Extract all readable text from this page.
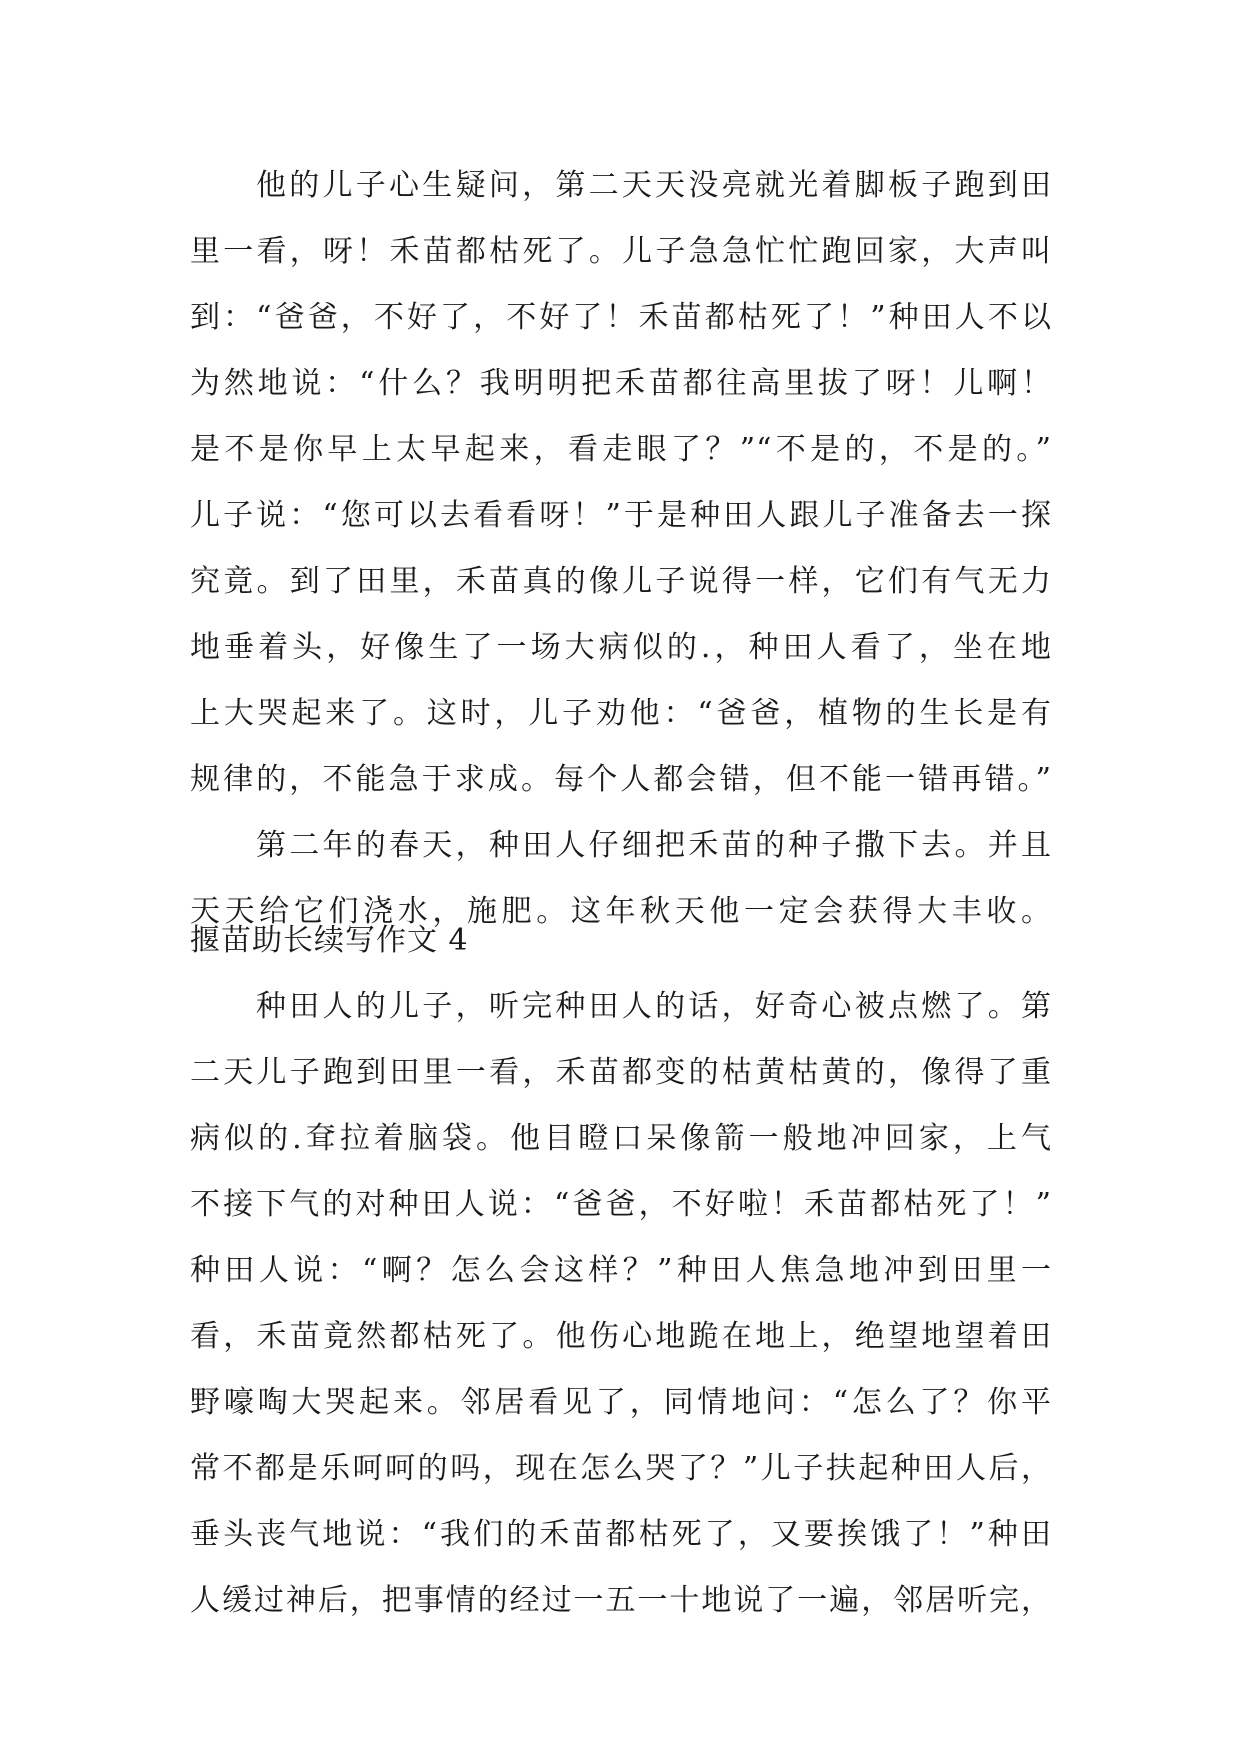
他的儿子心生疑问，第二天天没亮就光着脚板子跑到田
里一看，呀！禾苗都枯死了。儿子急急忙忙跑回家，大声叫
到：“爸爸，不好了，不好了！禾苗都枯死了！”种田人不以
为然地说：“什么？我明明把禾苗都往高里拔了呀！儿啊！
是不是你早上太早起来，看走眼了？”“不是的，不是的。”
儿子说：“您可以去看看呀！”于是种田人跟儿子准备去一探
究竟。到了田里，禾苗真的像儿子说得一样，它们有气无力
地垂着头，好像生了一场大病似的.，种田人看了，坐在地
上大哭起来了。这时，儿子劝他：“爸爸，植物的生长是有
规律的，不能急于求成。每个人都会错，但不能一错再错。”
第二年的春天，种田人仔细把禾苗的种子撒下去。并且
天天给它们浇水，施肥。这年秋天他一定会获得大丰收。
揠苗助长续写作文 4
种田人的儿子，听完种田人的话，好奇心被点燃了。第
二天儿子跑到田里一看，禾苗都变的枯黄枯黄的，像得了重
病似的.耷拉着脑袋。他目瞪口呆像箭一般地冲回家，上气
不接下气的对种田人说：“爸爸，不好啦！禾苗都枯死了！”
种田人说：“啊？怎么会这样？”种田人焦急地冲到田里一
看，禾苗竟然都枯死了。他伤心地跪在地上，绝望地望着田
野嚎啕大哭起来。邻居看见了，同情地问：“怎么了？你平
常不都是乐呵呵的吗，现在怎么哭了？”儿子扶起种田人后，
垂头丧气地说：“我们的禾苗都枯死了，又要挨饿了！”种田
人缓过神后，把事情的经过一五一十地说了一遍，邻居听完，
